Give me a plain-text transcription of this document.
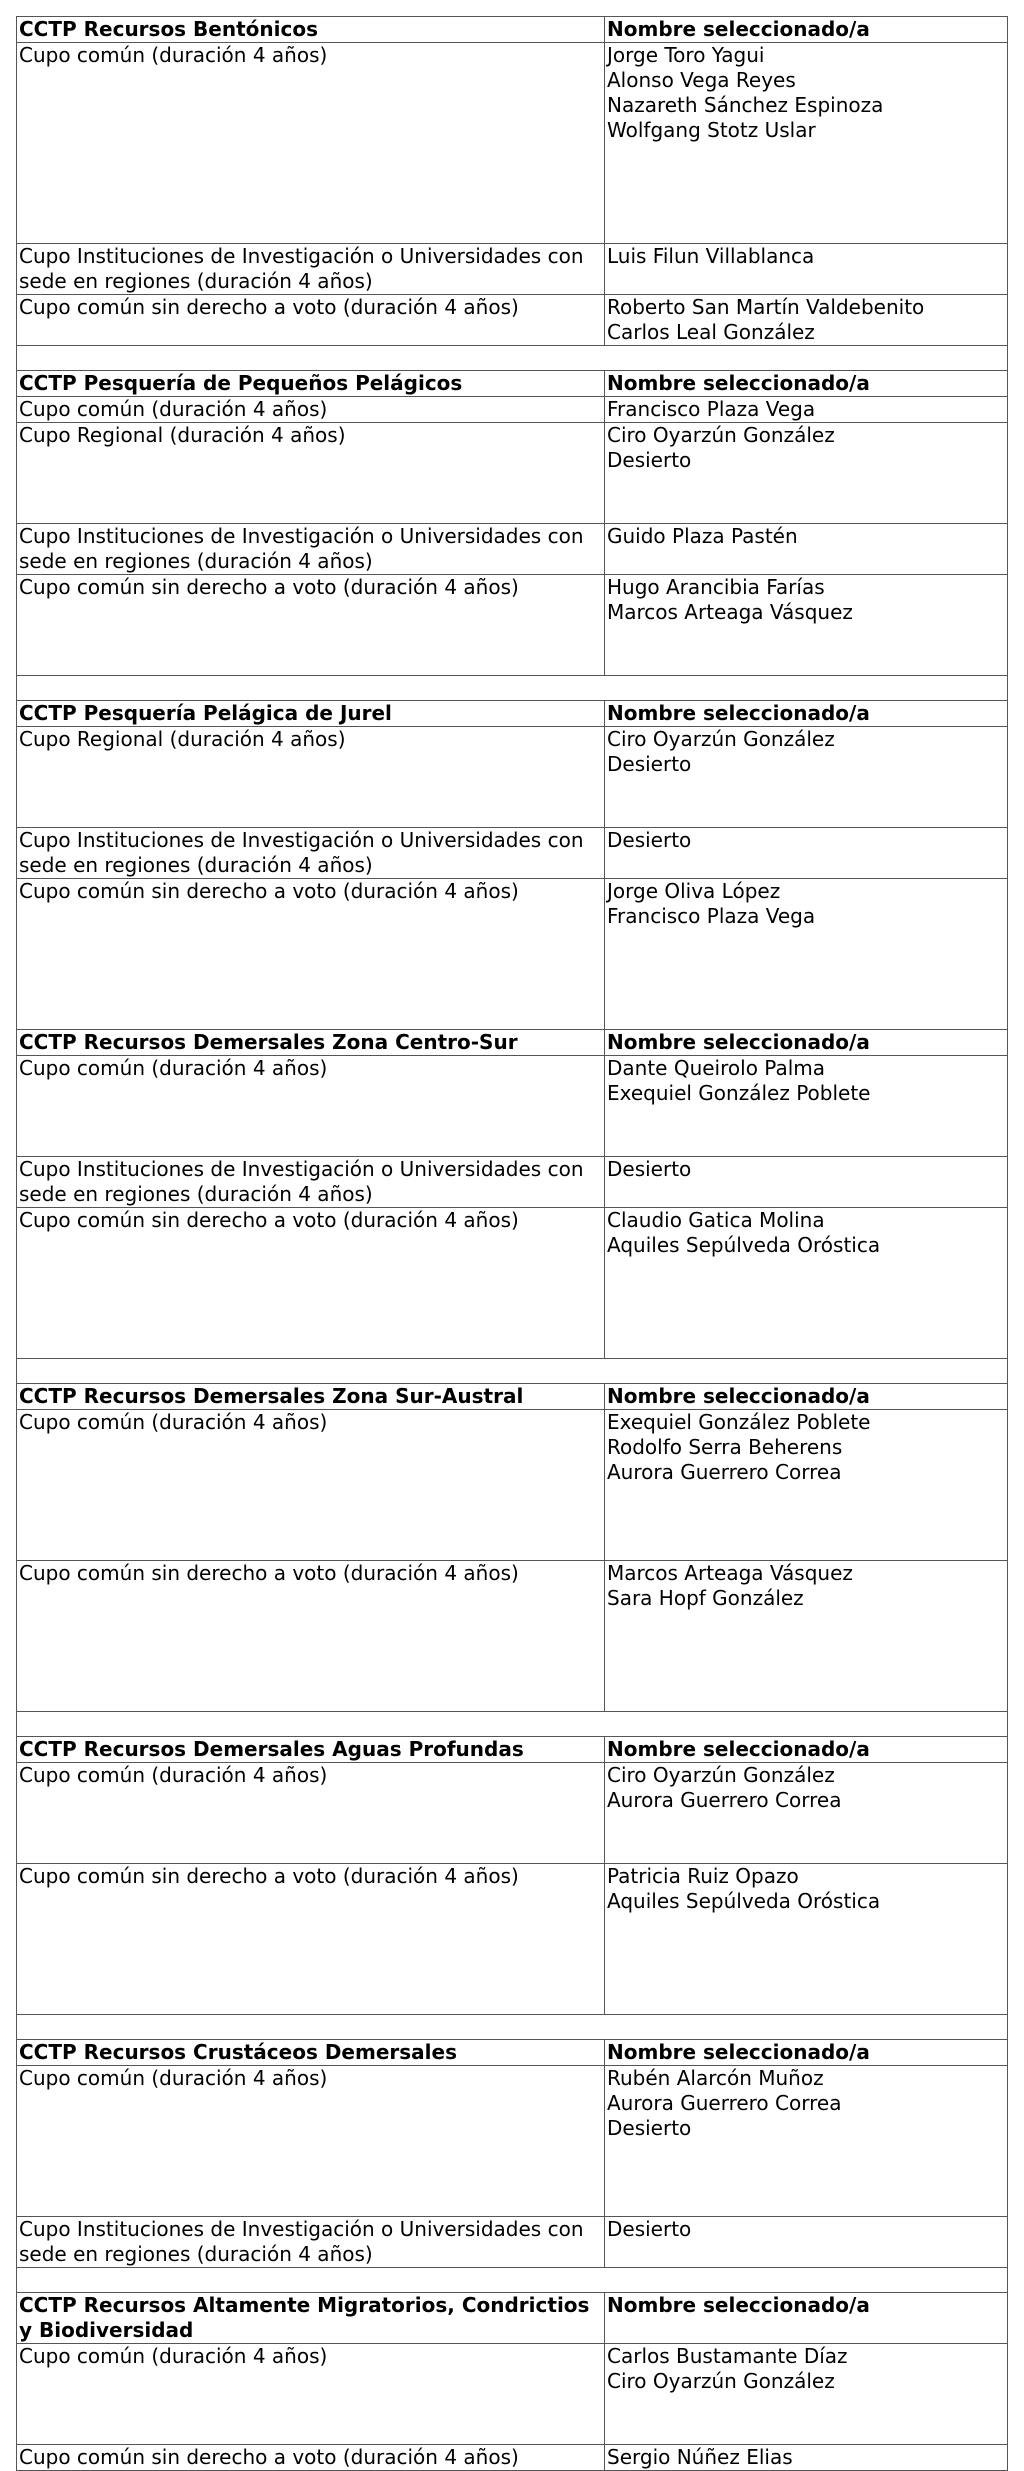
CCTP Recursos Bentónicos	Nombre seleccionado/a
Cupo común (duración 4 años)	Jorge Toro Yagui
Alonso Vega Reyes
Nazareth Sánchez Espinoza
Wolfgang Stotz Uslar

Cupo Instituciones de Investigación o Universidades con sede en regiones (duración 4 años)	Luis Filun Villablanca

Cupo común sin derecho a voto (duración 4 años)	Roberto San Martín Valdebenito
Carlos Leal González

CCTP Pesquería de Pequeños Pelágicos	Nombre seleccionado/a
Cupo común (duración 4 años)	Francisco Plaza Vega

Cupo Regional (duración 4 años)	Ciro Oyarzún González
Desierto

Cupo Instituciones de Investigación o Universidades con sede en regiones (duración 4 años)	Guido Plaza Pastén

Cupo común sin derecho a voto (duración 4 años)	Hugo Arancibia Farías
Marcos Arteaga Vásquez

CCTP Pesquería Pelágica de Jurel	Nombre seleccionado/a
Cupo Regional (duración 4 años)	Ciro Oyarzún González
Desierto

Cupo Instituciones de Investigación o Universidades con sede en regiones (duración 4 años)	Desierto

Cupo común sin derecho a voto (duración 4 años)	Jorge Oliva López
Francisco Plaza Vega

CCTP Recursos Demersales Zona Centro-Sur	Nombre seleccionado/a
Cupo común (duración 4 años)	Dante Queirolo Palma
Exequiel González Poblete

Cupo Instituciones de Investigación o Universidades con sede en regiones (duración 4 años)	Desierto

Cupo común sin derecho a voto (duración 4 años)	Claudio Gatica Molina
Aquiles Sepúlveda Oróstica

CCTP Recursos Demersales Zona Sur-Austral	Nombre seleccionado/a
Cupo común (duración 4 años)	Exequiel González Poblete
Rodolfo Serra Beherens
Aurora Guerrero Correa

Cupo común sin derecho a voto (duración 4 años)	Marcos Arteaga Vásquez
Sara Hopf González

CCTP Recursos Demersales Aguas Profundas	Nombre seleccionado/a
Cupo común (duración 4 años)	Ciro Oyarzún González
Aurora Guerrero Correa

Cupo común sin derecho a voto (duración 4 años)	Patricia Ruiz Opazo
Aquiles Sepúlveda Oróstica

CCTP Recursos Crustáceos Demersales	Nombre seleccionado/a
Cupo común (duración 4 años)	Rubén Alarcón Muñoz
Aurora Guerrero Correa
Desierto

Cupo Instituciones de Investigación o Universidades con sede en regiones (duración 4 años)	Desierto

CCTP Recursos Altamente Migratorios, Condrictios y Biodiversidad	Nombre seleccionado/a
Cupo común (duración 4 años)	Carlos Bustamante Díaz
Ciro Oyarzún González

Cupo común sin derecho a voto (duración 4 años)	Sergio Núñez Elias
